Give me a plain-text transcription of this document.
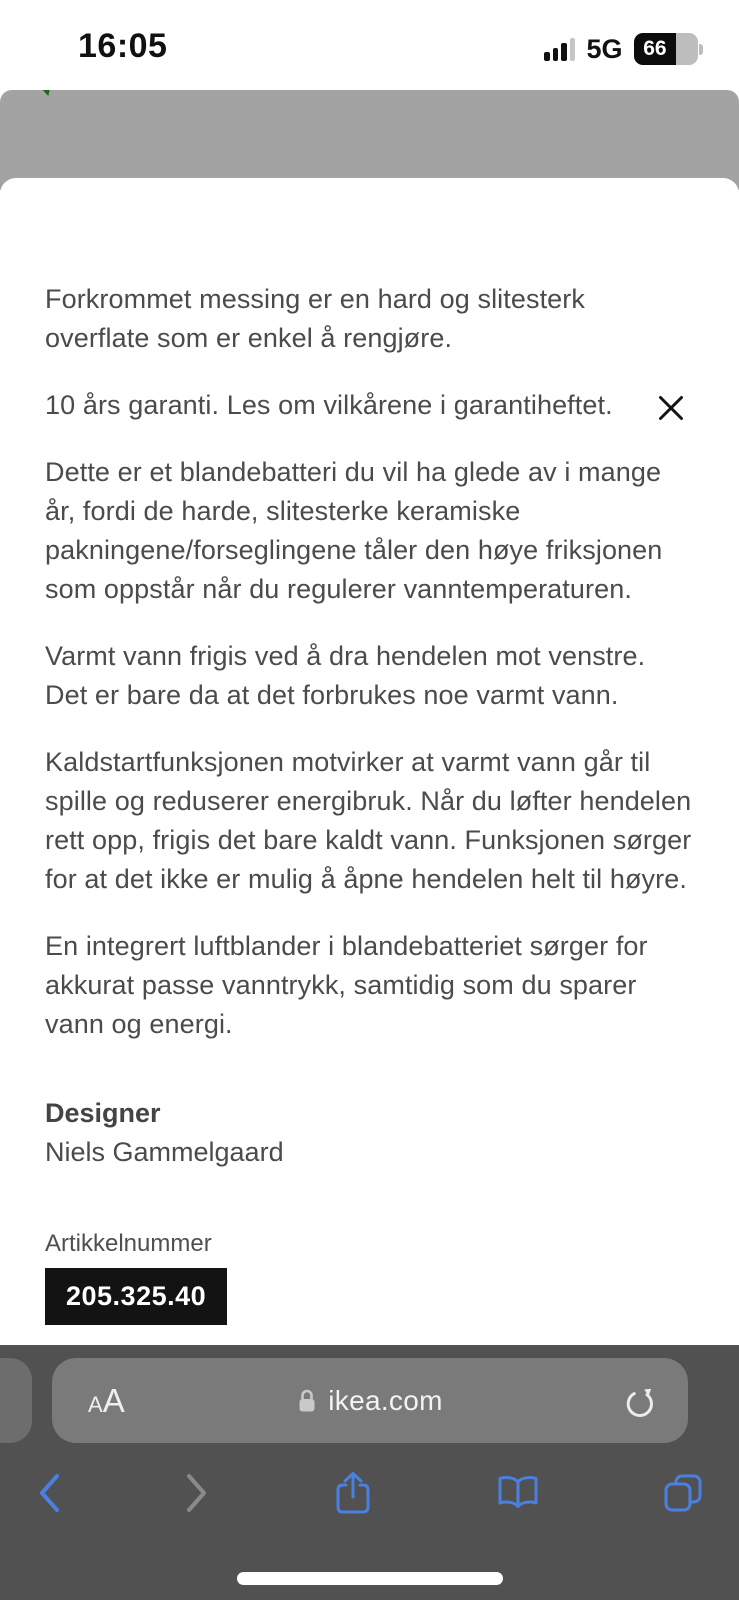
16:05	5G 66

Forkrommet messing er en hard og slitesterk overflate som er enkel å rengjøre.

10 års garanti. Les om vilkårene i garantiheftet.

Dette er et blandebatteri du vil ha glede av i mange år, fordi de harde, slitesterke keramiske pakningene/forseglingene tåler den høye friksjonen som oppstår når du regulerer vanntemperaturen.

Varmt vann frigis ved å dra hendelen mot venstre. Det er bare da at det forbrukes noe varmt vann.

Kaldstartfunksjonen motvirker at varmt vann går til spille og reduserer energibruk. Når du løfter hendelen rett opp, frigis det bare kaldt vann. Funksjonen sørger for at det ikke er mulig å åpne hendelen helt til høyre.

En integrert luftblander i blandebatteriet sørger for akkurat passe vanntrykk, samtidig som du sparer vann og energi.

Designer
Niels Gammelgaard
Artikkelnummer
205.325.40
A A	ikea.com
